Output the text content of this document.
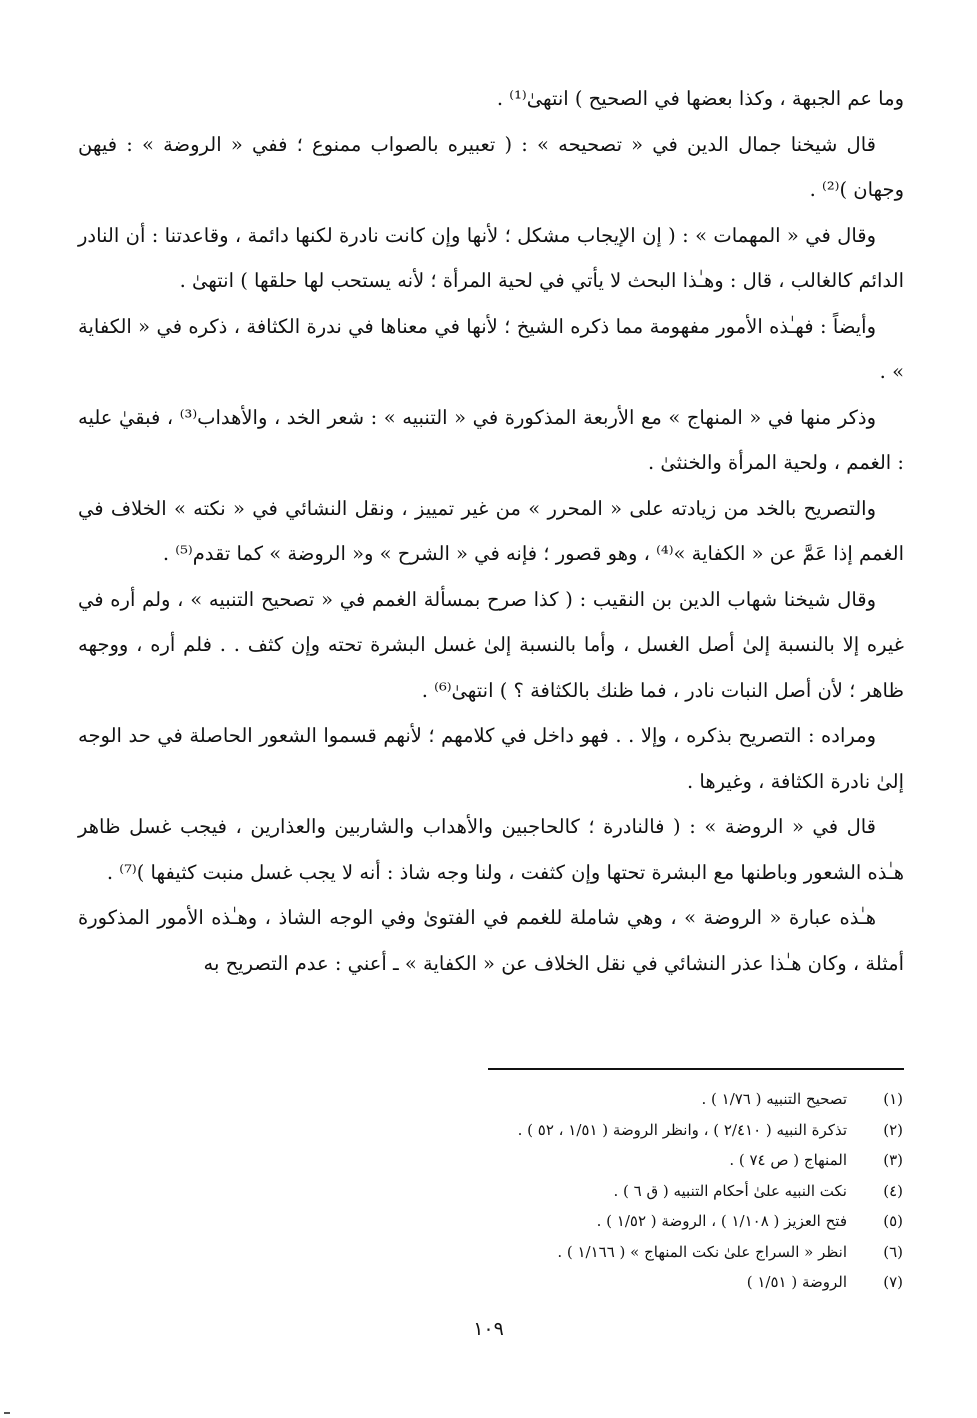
وما عم الجبهة ، وكذا بعضها في الصحيح ) انتهىٰ⁽¹⁾ .

قال شيخنا جمال الدين في « تصحيحه » : ( تعبيره بالصواب ممنوع ؛ ففي « الروضة » : فيهن وجهان )⁽²⁾ .

وقال في « المهمات » : ( إن الإيجاب مشكل ؛ لأنها وإن كانت نادرة لكنها دائمة ، وقاعدتنا : أن النادر الدائم كالغالب ، قال : وهـٰذا البحث لا يأتي في لحية المرأة ؛ لأنه يستحب لها حلقها ) انتهىٰ .

وأيضاً : فهـٰذه الأمور مفهومة مما ذكره الشيخ ؛ لأنها في معناها في ندرة الكثافة ، ذكره في « الكفاية » .

وذكر منها في « المنهاج » مع الأربعة المذكورة في « التنبيه » : شعر الخد ، والأهداب⁽³⁾ ، فبقيٰ عليه : الغمم ، ولحية المرأة والخنثىٰ .

والتصريح بالخد من زيادته على « المحرر » من غير تمييز ، ونقل النشائي في « نكته » الخلاف في الغمم إذا عَمَّ عن « الكفاية »⁽⁴⁾ ، وهو قصور ؛ فإنه في « الشرح » و« الروضة » كما تقدم⁽⁵⁾ .

وقال شيخنا شهاب الدين بن النقيب : ( كذا صرح بمسألة الغمم في « تصحيح التنبيه » ، ولم أره في غيره إلا بالنسبة إلىٰ أصل الغسل ، وأما بالنسبة إلىٰ غسل البشرة تحته وإن كثف . . فلم أره ، ووجهه ظاهر ؛ لأن أصل النبات نادر ، فما ظنك بالكثافة ؟ ) انتهىٰ⁽⁶⁾ .

ومراده : التصريح بذكره ، وإلا . . فهو داخل في كلامهم ؛ لأنهم قسموا الشعور الحاصلة في حد الوجه إلىٰ نادرة الكثافة ، وغيرها .

قال في « الروضة » : ( فالنادرة ؛ كالحاجبين والأهداب والشاربين والعذارين ، فيجب غسل ظاهر هـٰذه الشعور وباطنها مع البشرة تحتها وإن كثفت ، ولنا وجه شاذ : أنه لا يجب غسل منبت كثيفها )⁽⁷⁾ .

هـٰذه عبارة « الروضة » ، وهي شاملة للغمم في الفتوىٰ وفي الوجه الشاذ ، وهـٰذه الأمور المذكورة أمثلة ، وكان هـٰذا عذر النشائي في نقل الخلاف عن « الكفاية » ـ أعني : عدم التصريح به

(١)
تصحيح التنبيه ( ١/٧٦ ) .
(٢)
تذكرة النبيه ( ٢/٤١٠ ) ، وانظر الروضة ( ١/٥١ ، ٥٢ ) .
(٣)
المنهاج ( ص ٧٤ ) .
(٤)
نكت النبيه علىٰ أحكام التنبيه ( ق ٦ ) .
(٥)
فتح العزيز ( ١/١٠٨ ) ، الروضة ( ١/٥٢ ) .
(٦)
انظر « السراج علىٰ نكت المنهاج » ( ١/١٦٦ ) .
(٧)
الروضة ( ١/٥١ )
١٠٩
